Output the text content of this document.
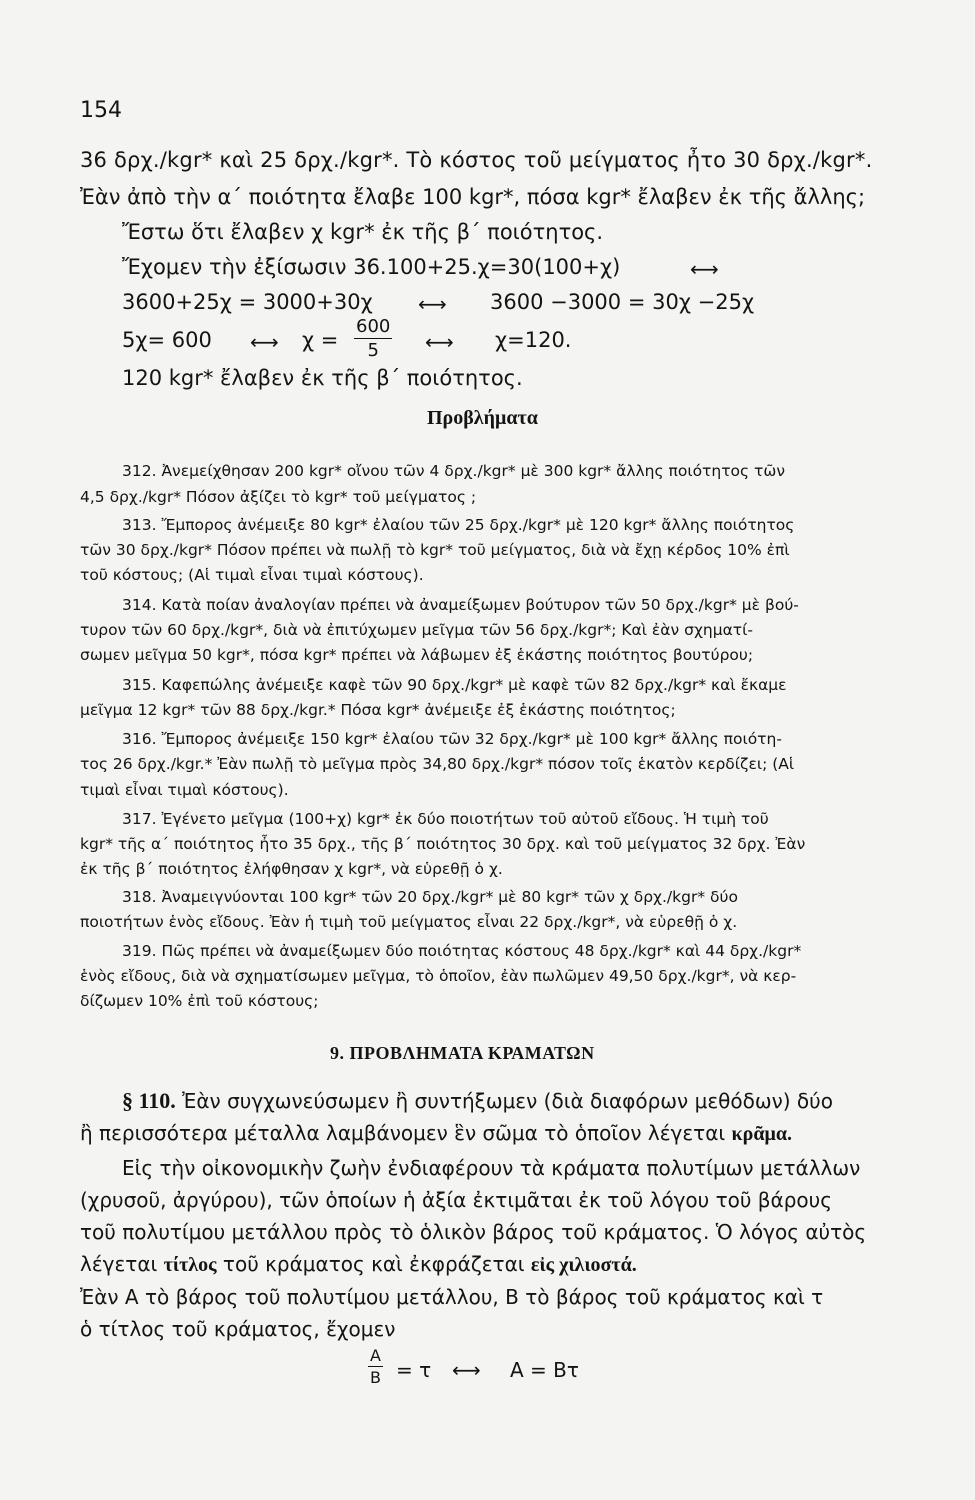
154
36 δρχ./kgr* καὶ 25 δρχ./kgr*. Τὸ κόστος τοῦ μείγματος ἦτο 30 δρχ./kgr*.
Ἐὰν ἀπὸ τὴν α΄ ποιότητα ἔλαβε 100 kgr*, πόσα kgr* ἔλαβεν ἐκ τῆς ἄλλης;
Ἔστω ὅτι ἔλαβεν χ kgr* ἐκ τῆς β΄ ποιότητος.
Ἔχομεν τὴν ἐξίσωσιν 36.100+25.χ=30(100+χ)	⟷
3600+25χ = 3000+30χ ⟷ 3600 −3000 = 30χ −25χ
5χ= 600 ⟷ $\chi = \frac{600}{5}$ ⟷ χ=120.
120 kgr* ἔλαβεν ἐκ τῆς β΄ ποιότητος.
Προβλήματα
312. Ἀνεμείχθησαν 200 kgr* οἴνου τῶν 4 δρχ./kgr* μὲ 300 kgr* ἄλλης ποιότητος τῶν
4,5 δρχ./kgr* Πόσον ἀξίζει τὸ kgr* τοῦ μείγματος ;
313. Ἔμπορος ἀνέμειξε 80 kgr* ἐλαίου τῶν 25 δρχ./kgr* μὲ 120 kgr* ἄλλης ποιότητος
τῶν 30 δρχ./kgr* Πόσον πρέπει νὰ πωλῇ τὸ kgr* τοῦ μείγματος, διὰ νὰ ἔχῃ κέρδος 10% ἐπὶ
τοῦ κόστους; (Αἱ τιμαὶ εἶναι τιμαὶ κόστους).
314. Κατὰ ποίαν ἀναλογίαν πρέπει νὰ ἀναμείξωμεν βούτυρον τῶν 50 δρχ./kgr* μὲ βού-
τυρον τῶν 60 δρχ./kgr*, διὰ νὰ ἐπιτύχωμεν μεῖγμα τῶν 56 δρχ./kgr*; Καὶ ἐὰν σχηματί-
σωμεν μεῖγμα 50 kgr*, πόσα kgr* πρέπει νὰ λάβωμεν ἐξ ἑκάστης ποιότητος βουτύρου;
315. Καφεπώλης ἀνέμειξε καφὲ τῶν 90 δρχ./kgr* μὲ καφὲ τῶν 82 δρχ./kgr* καὶ ἔκαμε
μεῖγμα 12 kgr* τῶν 88 δρχ./kgr.* Πόσα kgr* ἀνέμειξε ἐξ ἑκάστης ποιότητος;
316. Ἔμπορος ἀνέμειξε 150 kgr* ἐλαίου τῶν 32 δρχ./kgr* μὲ 100 kgr* ἄλλης ποιότη-
τος 26 δρχ./kgr.* Ἐὰν πωλῇ τὸ μεῖγμα πρὸς 34,80 δρχ./kgr* πόσον τοῖς ἑκατὸν κερδίζει; (Αἱ
τιμαὶ εἶναι τιμαὶ κόστους).
317. Ἐγένετο μεῖγμα (100+χ) kgr* ἐκ δύο ποιοτήτων τοῦ αὐτοῦ εἴδους. Ἡ τιμὴ τοῦ
kgr* τῆς α΄ ποιότητος ἦτο 35 δρχ., τῆς β΄ ποιότητος 30 δρχ. καὶ τοῦ μείγματος 32 δρχ. Ἐὰν
ἐκ τῆς β΄ ποιότητος ἐλήφθησαν χ kgr*, νὰ εὑρεθῇ ὁ χ.
318. Ἀναμειγνύονται 100 kgr* τῶν 20 δρχ./kgr* μὲ 80 kgr* τῶν χ δρχ./kgr* δύο
ποιοτήτων ἑνὸς εἴδους. Ἐὰν ἡ τιμὴ τοῦ μείγματος εἶναι 22 δρχ./kgr*, νὰ εὑρεθῇ ὁ χ.
319. Πῶς πρέπει νὰ ἀναμείξωμεν δύο ποιότητας κόστους 48 δρχ./kgr* καὶ 44 δρχ./kgr*
ἑνὸς εἴδους, διὰ νὰ σχηματίσωμεν μεῖγμα, τὸ ὁποῖον, ἐὰν πωλῶμεν 49,50 δρχ./kgr*, νὰ κερ-
δίζωμεν 10% ἐπὶ τοῦ κόστους;
9. ΠΡΟΒΛΗΜΑΤΑ ΚΡΑΜΑΤΩΝ
§ 110. Ἐὰν συγχωνεύσωμεν ἢ συντήξωμεν (διὰ διαφόρων μεθόδων) δύο
ἢ περισσότερα μέταλλα λαμβάνομεν ἓν σῶμα τὸ ὁποῖον λέγεται κρᾶμα.
Εἰς τὴν οἰκονομικὴν ζωὴν ἐνδιαφέρουν τὰ κράματα πολυτίμων μετάλλων
(χρυσοῦ, ἀργύρου), τῶν ὁποίων ἡ ἀξία ἐκτιμᾶται ἐκ τοῦ λόγου τοῦ βάρους
τοῦ πολυτίμου μετάλλου πρὸς τὸ ὁλικὸν βάρος τοῦ κράματος. Ὁ λόγος αὐτὸς
λέγεται τίτλος τοῦ κράματος καὶ ἐκφράζεται εἰς χιλιοστά.
Ἐὰν Α τὸ βάρος τοῦ πολυτίμου μετάλλου, Β τὸ βάρος τοῦ κράματος καὶ τ
ὁ τίτλος τοῦ κράματος, ἔχομεν
$\frac{A}{B} = \tau$ ⟷ A = Bτ
